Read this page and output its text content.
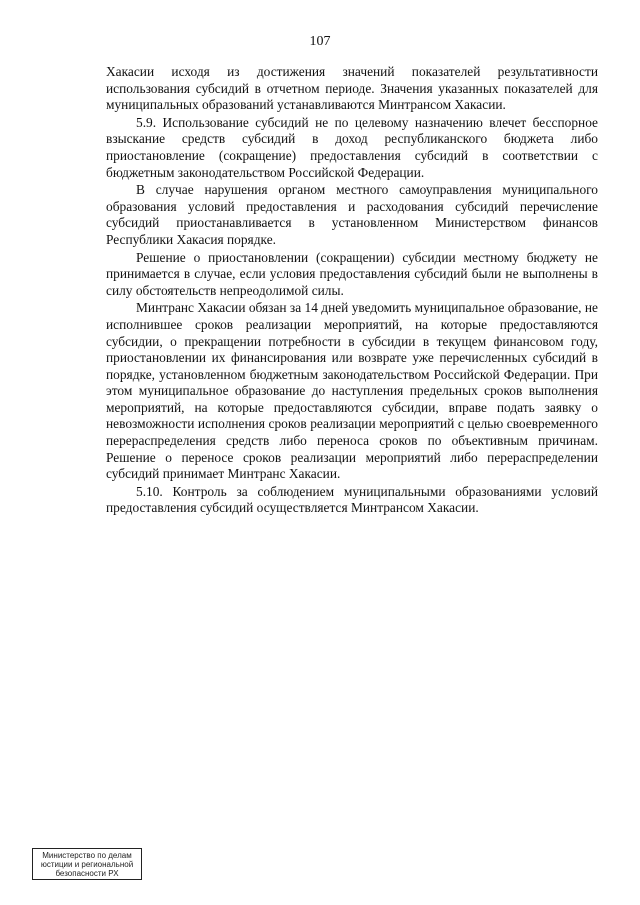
107

Хакасии исходя из достижения значений показателей результативности использования субсидий в отчетном периоде. Значения указанных показателей для муниципальных образований устанавливаются Минтрансом Хакасии.

5.9. Использование субсидий не по целевому назначению влечет бесспорное взыскание средств субсидий в доход республиканского бюджета либо приостановление (сокращение) предоставления субсидий в соответствии с бюджетным законодательством Российской Федерации.

В случае нарушения органом местного самоуправления муниципального образования условий предоставления и расходования субсидий перечисление субсидий приостанавливается в установленном Министерством финансов Республики Хакасия порядке.

Решение о приостановлении (сокращении) субсидии местному бюджету не принимается в случае, если условия предоставления субсидий были не выполнены в силу обстоятельств непреодолимой силы.

Минтранс Хакасии обязан за 14 дней уведомить муниципальное образование, не исполнившее сроков реализации мероприятий, на которые предоставляются субсидии, о прекращении потребности в субсидии в текущем финансовом году, приостановлении их финансирования или возврате уже перечисленных субсидий в порядке, установленном бюджетным законодательством Российской Федерации. При этом муниципальное образование до наступления предельных сроков выполнения мероприятий, на которые предоставляются субсидии, вправе подать заявку о невозможности исполнения сроков реализации мероприятий с целью своевременного перераспределения средств либо переноса сроков по объективным причинам. Решение о переносе сроков реализации мероприятий либо перераспределении субсидий принимает Минтранс Хакасии.

5.10. Контроль за соблюдением муниципальными образованиями условий предоставления субсидий осуществляется Минтрансом Хакасии.

Министерство по делам
юстиции и региональной
безопасности РХ
